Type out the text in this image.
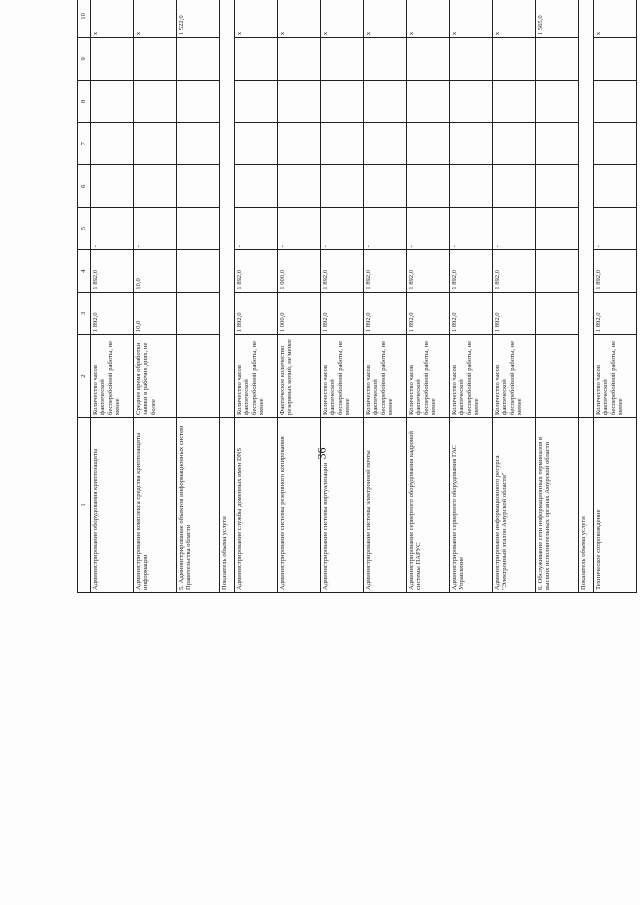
36
1	2	3	4	5	6	7	8	9	10						
Администрирование оборудования криптозащиты	Количество часов фактической бесперебойной работы, не менее	1 892,0	1 892,0	-					х						
Администрирование комплекса средства криптозащиты информации	Среднее время обработки заявки в рабочих днях, не более	10,0	10,0	-					х						
5. Администрирование объектов информационных систем Правительства области									1 522,0						
Показатель объема услуги															
Администрирование службы доменных имен DNS	Количество часов фактической бесперебойной работы, не менее	1 892,0	1 892,0	-					х						
Администрирование системы резервного копирования	Фактическое количество резервных копий, не менее	1 000,0	1 000,0	-					х						
Администрирование системы виртуализации	Количество часов фактической бесперебойной работы, не менее	1 892,0	1 892,0	-					х						
Администрирование системы электронной почты	Количество часов фактической бесперебойной работы, не менее	1 892,0	1 892,0	-					х						
Администрирование серверного оборудования кадровой системы ПАРУС	Количество часов фактической бесперебойной работы, не менее	1 892,0	1 892,0	-					х						
Администрирование серверного оборудования ГАС Управление	Количество часов фактической бесперебойной работы, не менее	1 892,0	1 892,0	-					х						
Администрирование информационного ресурса "Электронный эталон Амурской области"	Количество часов фактической бесперебойной работы, не менее	1 892,0	1 892,0	-					х						
6. Обслуживание сети информационных терминалов в высших исполнительных органах Амурской области									1 565,0						
Показатель объема услуги															
Техническое сопровождение	Количество часов фактической бесперебойной работы, не менее	1 892,0	1 892,0	-					х						
